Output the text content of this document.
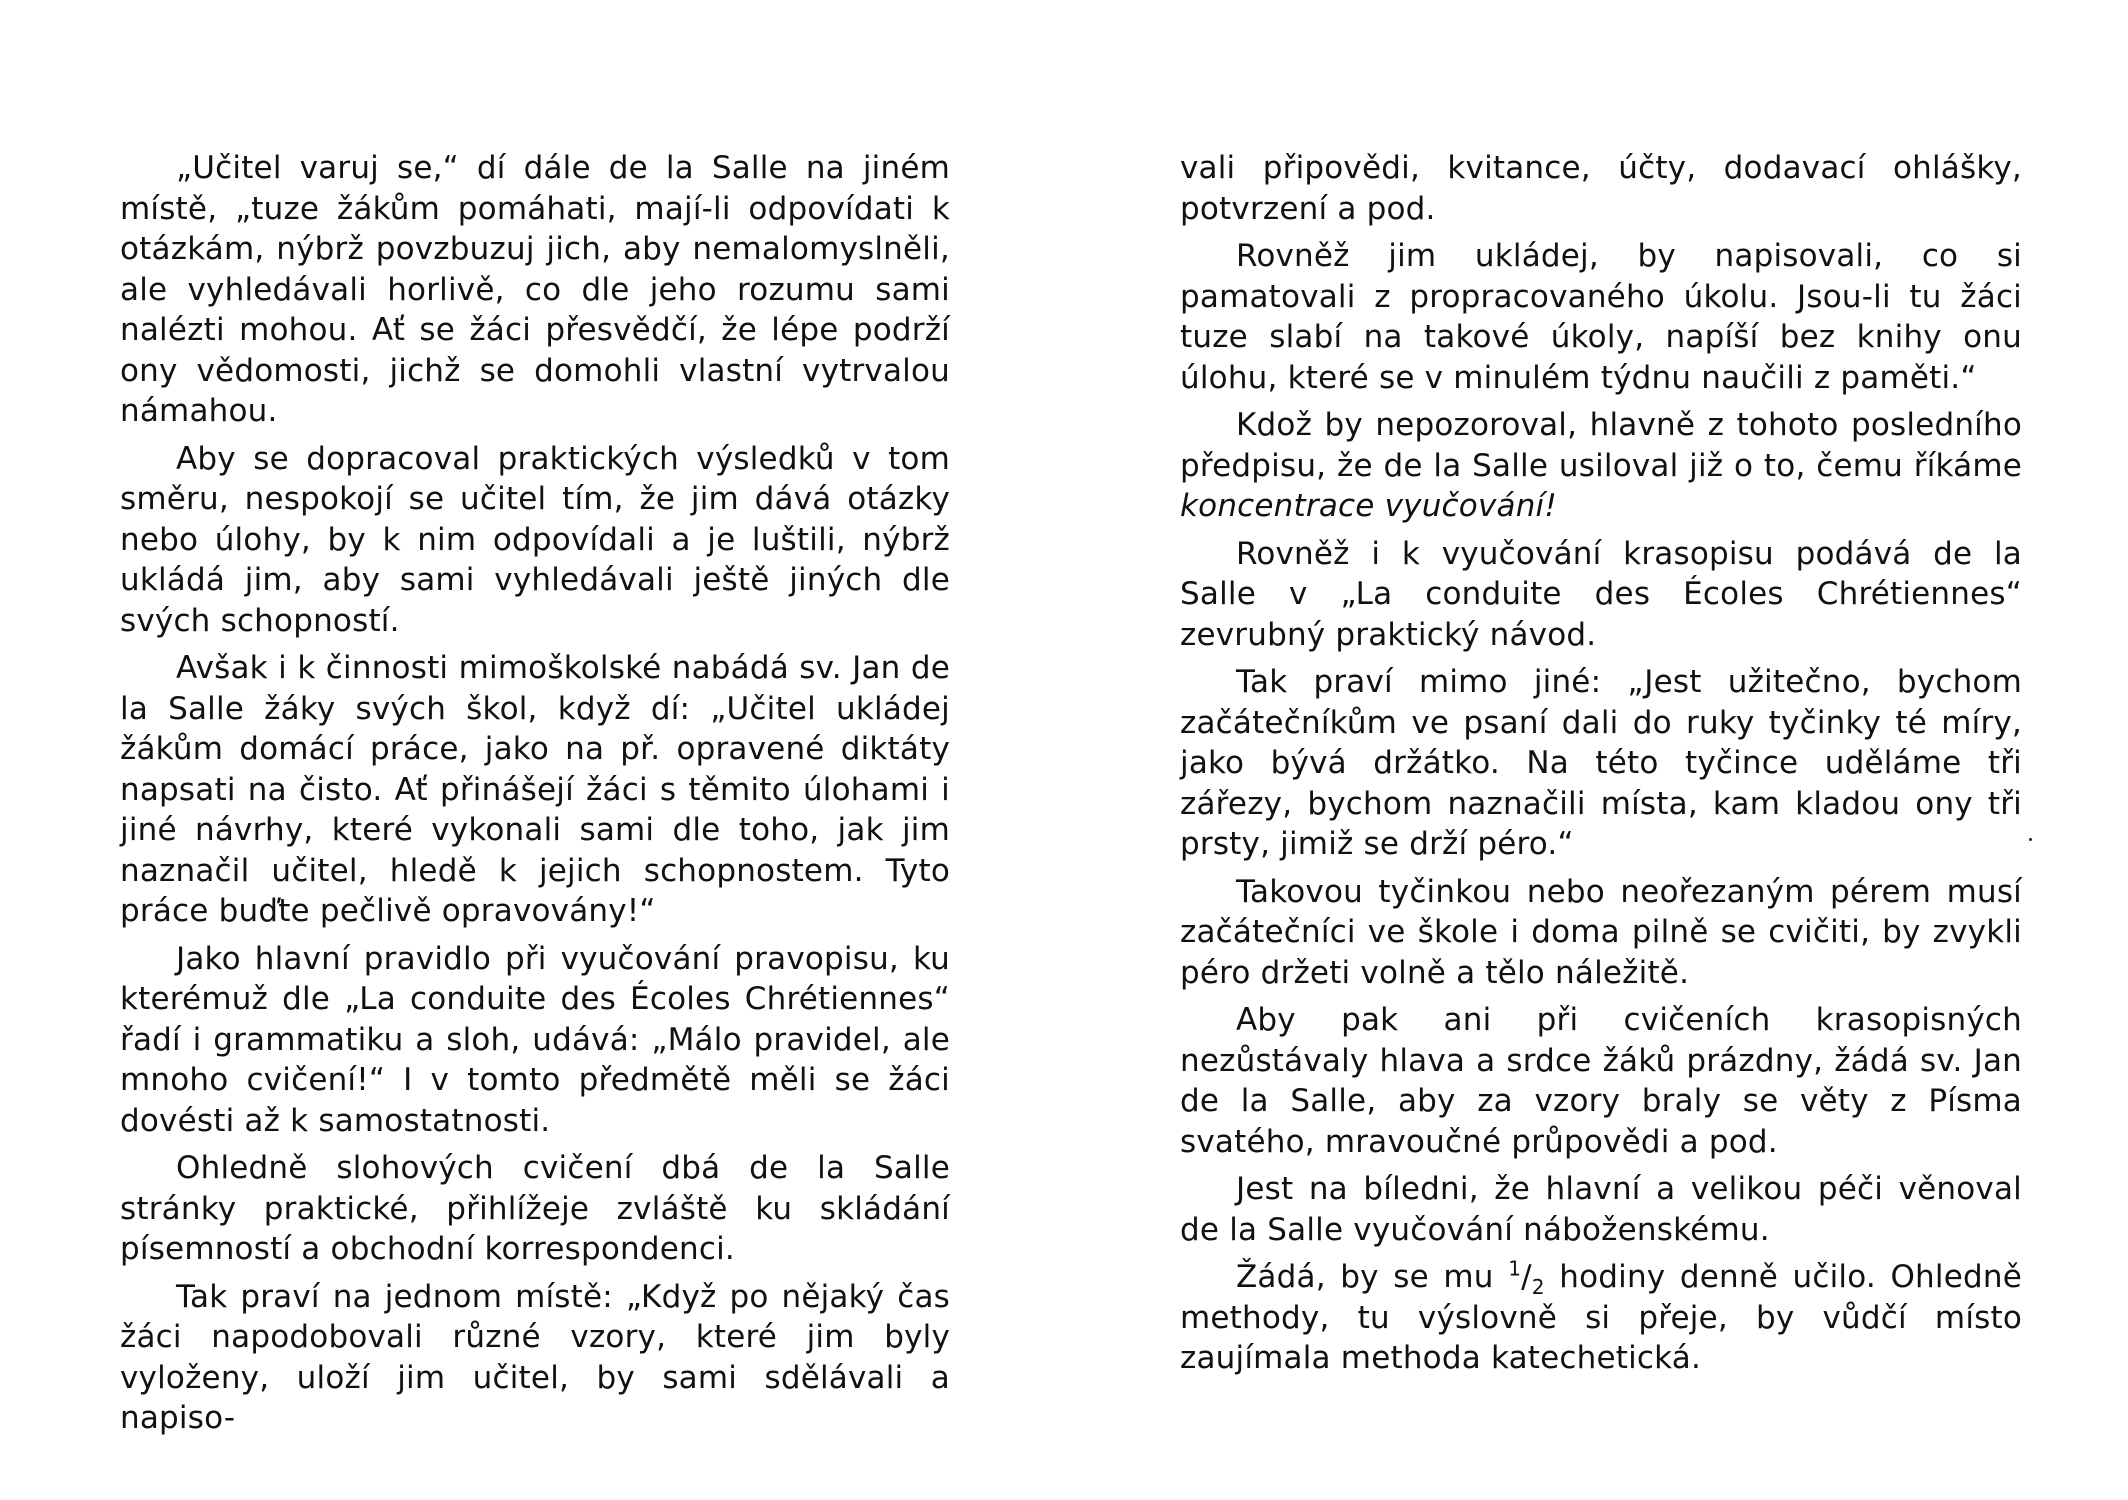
„Učitel varuj se,“ dí dále de la Salle na jiném místě, „tuze žákům pomáhati, mají-li odpovídati k otázkám, nýbrž povzbuzuj jich, aby nemalomyslněli, ale vyhledávali horlivě, co dle jeho rozumu sami nalézti mohou. Ať se žáci přesvědčí, že lépe podrží ony vědomosti, jichž se domohli vlastní vytrvalou námahou.

Aby se dopracoval praktických výsledků v tom směru, nespokojí se učitel tím, že jim dává otázky nebo úlohy, by k nim odpovídali a je luštili, nýbrž ukládá jim, aby sami vyhledávali ještě jiných dle svých schopností.

Avšak i k činnosti mimoškolské nabádá sv. Jan de la Salle žáky svých škol, když dí: „Učitel ukládej žákům domácí práce, jako na př. opravené diktáty napsati na čisto. Ať přinášejí žáci s těmito úlohami i jiné návrhy, které vykonali sami dle toho, jak jim naznačil učitel, hledě k jejich schopnostem. Tyto práce buďte pečlivě opravovány!“

Jako hlavní pravidlo při vyučování pravopisu, ku kterémuž dle „La conduite des Écoles Chrétiennes“ řadí i grammatiku a sloh, udává: „Málo pravidel, ale mnoho cvičení!“ I v tomto předmětě měli se žáci dovésti až k samostatnosti.

Ohledně slohových cvičení dbá de la Salle stránky praktické, přihlížeje zvláště ku skládání písemností a obchodní korrespondenci.

Tak praví na jednom místě: „Když po nějaký čas žáci napodobovali různé vzory, které jim byly vyloženy, uloží jim učitel, by sami sdělávali a napiso-

vali připovědi, kvitance, účty, dodavací ohlášky, potvrzení a pod.

Rovněž jim ukládej, by napisovali, co si pamatovali z propracovaného úkolu. Jsou-li tu žáci tuze slabí na takové úkoly, napíší bez knihy onu úlohu, které se v minulém týdnu naučili z paměti.“

Kdož by nepozoroval, hlavně z tohoto posledního předpisu, že de la Salle usiloval již o to, čemu říkáme koncentrace vyučování!

Rovněž i k vyučování krasopisu podává de la Salle v „La conduite des Écoles Chrétiennes“ zevrubný praktický návod.

Tak praví mimo jiné: „Jest užitečno, bychom začátečníkům ve psaní dali do ruky tyčinky té míry, jako bývá držátko. Na této tyčince uděláme tři zářezy, bychom naznačili místa, kam kladou ony tři prsty, jimiž se drží péro.“

Takovou tyčinkou nebo neořezaným pérem musí začátečníci ve škole i doma pilně se cvičiti, by zvykli péro držeti volně a tělo náležitě.

Aby pak ani při cvičeních krasopisných nezůstávaly hlava a srdce žáků prázdny, žádá sv. Jan de la Salle, aby za vzory braly se věty z Písma svatého, mravoučné průpovědi a pod.

Jest na bíledni, že hlavní a velikou péči věnoval de la Salle vyučování náboženskému.

Žádá, by se mu $^1/_2$ hodiny denně učilo. Ohledně methody, tu výslovně si přeje, by vůdčí místo zaujímala methoda katechetická.
